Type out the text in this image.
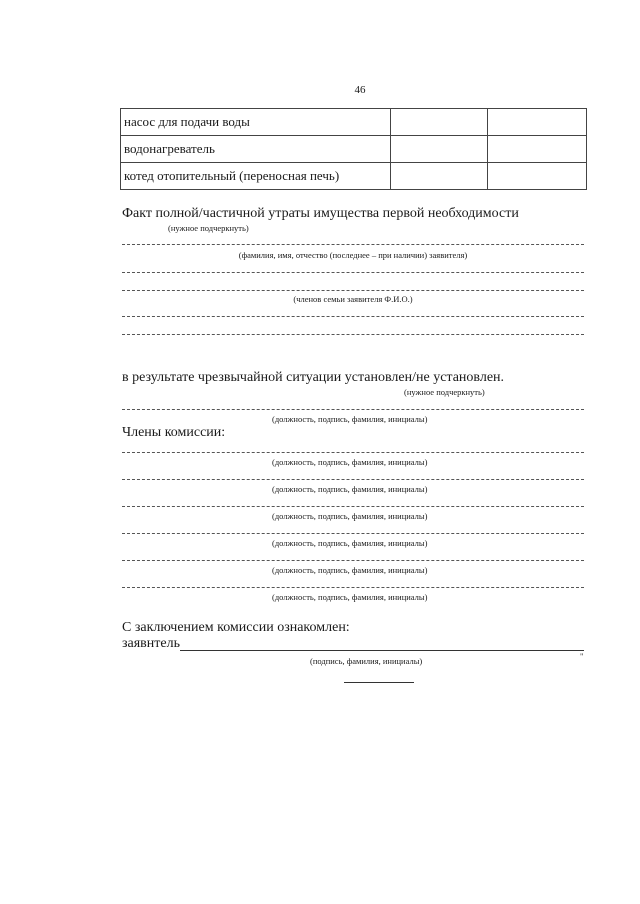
46
насос для подачи воды		
водонагреватель		
котед отопительный (переносная печь)		
Факт полной/частичной утраты имущества первой необходимости
(нужное подчеркнуть)
(фамилия, имя, отчество (последнее – при наличии) заявителя)
(членов семьи заявителя Ф.И.О.)
в результате чрезвычайной ситуации установлен/не установлен.
(нужное подчеркнуть)
(должность, подпись, фамилия, инициалы)
Члены комиссии:
(должность, подпись, фамилия, инициалы)
(должность, подпись, фамилия, инициалы)
(должность, подпись, фамилия, инициалы)
(должность, подпись, фамилия, инициалы)
(должность, подпись, фамилия, инициалы)
(должность, подпись, фамилия, инициалы)
С заключением комиссии ознакомлен:
заявнтель
(подпись, фамилия, инициалы)	"
